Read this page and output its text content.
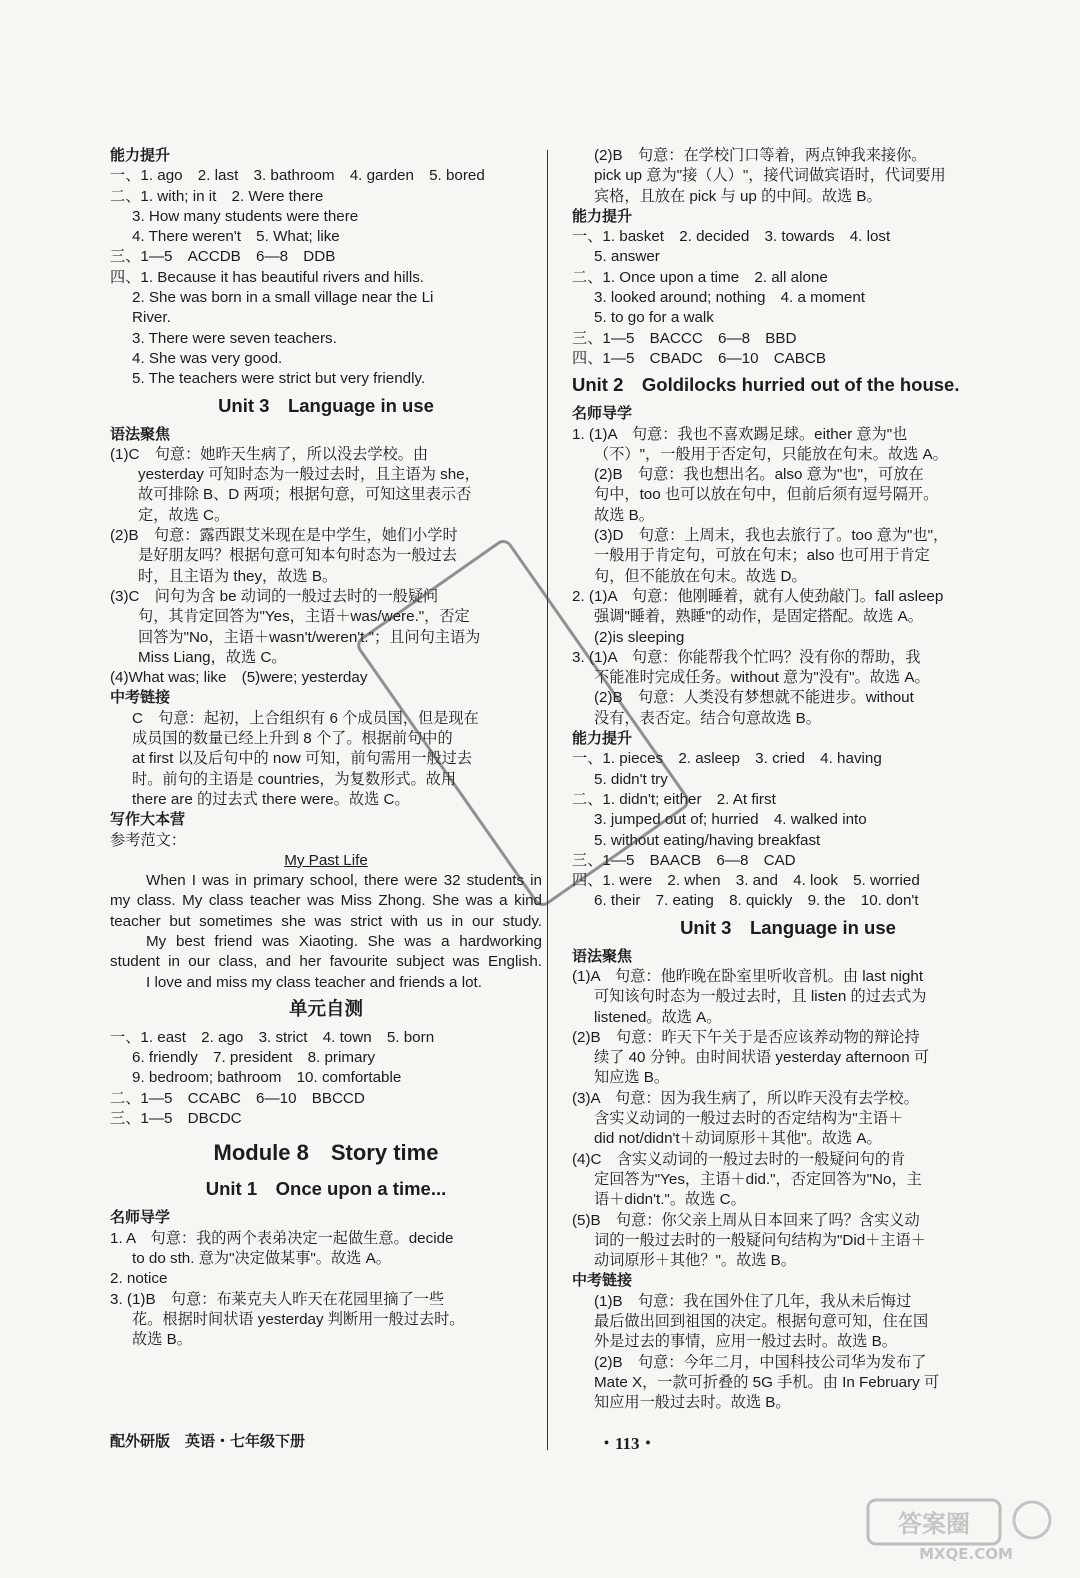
能力提升
一、1. ago　2. last　3. bathroom　4. garden　5. bored
二、1. with; in it　2. Were there
3. How many students were there
4. There weren't　5. What; like
三、1—5　ACCDB　6—8　DDB
四、1. Because it has beautiful rivers and hills.
2. She was born in a small village near the Li
River.
3. There were seven teachers.
4. She was very good.
5. The teachers were strict but very friendly.
Unit 3　Language in use
语法聚焦
(1)C　句意：她昨天生病了，所以没去学校。由
yesterday 可知时态为一般过去时，且主语为 she，
故可排除 B、D 两项；根据句意，可知这里表示否
定，故选 C。
(2)B　句意：露西跟艾米现在是中学生，她们小学时
是好朋友吗？根据句意可知本句时态为一般过去
时，且主语为 they，故选 B。
(3)C　问句为含 be 动词的一般过去时的一般疑问
句，其肯定回答为"Yes，主语＋was/were."，否定
回答为"No，主语＋wasn't/weren't."；且问句主语为
Miss Liang，故选 C。
(4)What was; like　(5)were; yesterday
中考链接
C　句意：起初，上合组织有 6 个成员国，但是现在
成员国的数量已经上升到 8 个了。根据前句中的
at first 以及后句中的 now 可知，前句需用一般过去
时。前句的主语是 countries，为复数形式。故用
there are 的过去式 there were。故选 C。
写作大本营
参考范文：
My Past Life
When I was in primary school, there were 32 students in my class. My class teacher was Miss Zhong. She was a kind teacher but sometimes she was strict with us in our study.
My best friend was Xiaoting. She was a hardworking student in our class, and her favourite subject was English.
I love and miss my class teacher and friends a lot.
单元自测
一、1. east　2. ago　3. strict　4. town　5. born
6. friendly　7. president　8. primary
9. bedroom; bathroom　10. comfortable
二、1—5　CCABC　6—10　BBCCD
三、1—5　DBCDC
Module 8　Story time
Unit 1　Once upon a time...
名师导学
1. A　句意：我的两个表弟决定一起做生意。decide
to do sth. 意为"决定做某事"。故选 A。
2. notice
3. (1)B　句意：布莱克夫人昨天在花园里摘了一些
花。根据时间状语 yesterday 判断用一般过去时。
故选 B。
(2)B　句意：在学校门口等着，两点钟我来接你。
pick up 意为"接（人）"，接代词做宾语时，代词要用
宾格，且放在 pick 与 up 的中间。故选 B。
能力提升
一、1. basket　2. decided　3. towards　4. lost
5. answer
二、1. Once upon a time　2. all alone
3. looked around; nothing　4. a moment
5. to go for a walk
三、1—5　BACCC　6—8　BBD
四、1—5　CBADC　6—10　CABCB
Unit 2　Goldilocks hurried out of the house.
名师导学
1. (1)A　句意：我也不喜欢踢足球。either 意为"也
（不）"，一般用于否定句，只能放在句末。故选 A。
(2)B　句意：我也想出名。also 意为"也"，可放在
句中，too 也可以放在句中，但前后须有逗号隔开。
故选 B。
(3)D　句意：上周末，我也去旅行了。too 意为"也"，
一般用于肯定句，可放在句末；also 也可用于肯定
句，但不能放在句末。故选 D。
2. (1)A　句意：他刚睡着，就有人使劲敲门。fall asleep
强调"睡着，熟睡"的动作，是固定搭配。故选 A。
(2)is sleeping
3. (1)A　句意：你能帮我个忙吗？没有你的帮助，我
不能准时完成任务。without 意为"没有"。故选 A。
(2)B　句意：人类没有梦想就不能进步。without
没有，表否定。结合句意故选 B。
能力提升
一、1. pieces　2. asleep　3. cried　4. having
5. didn't try
二、1. didn't; either　2. At first
3. jumped out of; hurried　4. walked into
5. without eating/having breakfast
三、1—5　BAACB　6—8　CAD
四、1. were　2. when　3. and　4. look　5. worried
6. their　7. eating　8. quickly　9. the　10. don't
Unit 3　Language in use
语法聚焦
(1)A　句意：他昨晚在卧室里听收音机。由 last night
可知该句时态为一般过去时，且 listen 的过去式为
listened。故选 A。
(2)B　句意：昨天下午关于是否应该养动物的辩论持
续了 40 分钟。由时间状语 yesterday afternoon 可
知应选 B。
(3)A　句意：因为我生病了，所以昨天没有去学校。
含实义动词的一般过去时的否定结构为"主语＋
did not/didn't＋动词原形＋其他"。故选 A。
(4)C　含实义动词的一般过去时的一般疑问句的肯
定回答为"Yes，主语＋did."，否定回答为"No，主
语＋didn't."。故选 C。
(5)B　句意：你父亲上周从日本回来了吗？含实义动
词的一般过去时的一般疑问句结构为"Did＋主语＋
动词原形＋其他？"。故选 B。
中考链接
(1)B　句意：我在国外住了几年，我从未后悔过
最后做出回到祖国的决定。根据句意可知，住在国
外是过去的事情，应用一般过去时。故选 B。
(2)B　句意：今年二月，中国科技公司华为发布了
Mate X，一款可折叠的 5G 手机。由 In February 可
知应用一般过去时。故选 B。
配外研版　英语・七年级下册	・113・
答案圈
MXQE.COM
